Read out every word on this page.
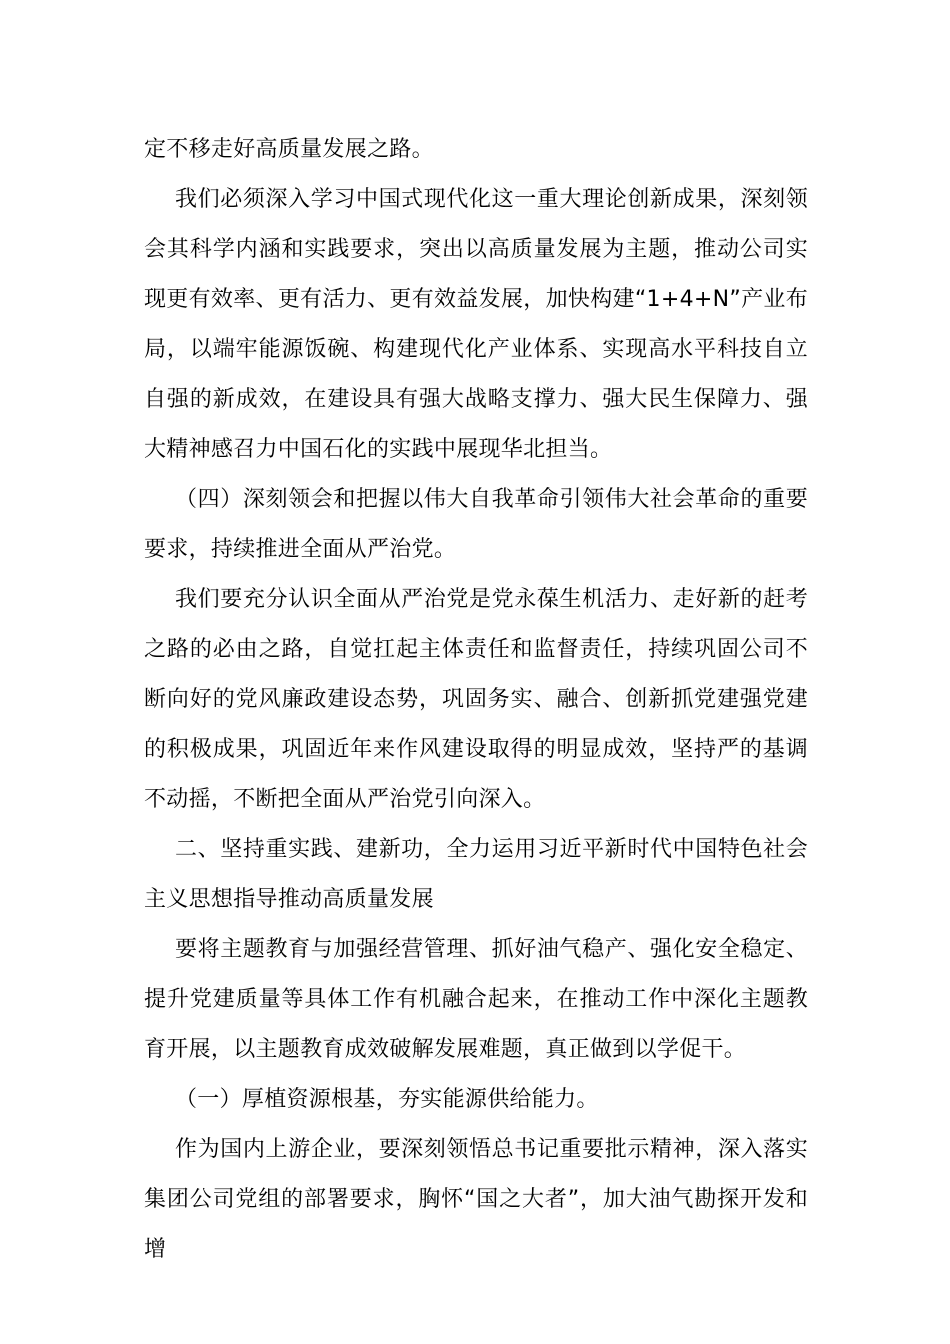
定不移走好高质量发展之路。

我们必须深入学习中国式现代化这一重大理论创新成果，深刻领会其科学内涵和实践要求，突出以高质量发展为主题，推动公司实现更有效率、更有活力、更有效益发展，加快构建“1+4+N”产业布局，以端牢能源饭碗、构建现代化产业体系、实现高水平科技自立自强的新成效，在建设具有强大战略支撑力、强大民生保障力、强大精神感召力中国石化的实践中展现华北担当。

（四）深刻领会和把握以伟大自我革命引领伟大社会革命的重要要求，持续推进全面从严治党。

我们要充分认识全面从严治党是党永葆生机活力、走好新的赶考之路的必由之路，自觉扛起主体责任和监督责任，持续巩固公司不断向好的党风廉政建设态势，巩固务实、融合、创新抓党建强党建的积极成果，巩固近年来作风建设取得的明显成效，坚持严的基调不动摇，不断把全面从严治党引向深入。

二、坚持重实践、建新功，全力运用习近平新时代中国特色社会主义思想指导推动高质量发展

要将主题教育与加强经营管理、抓好油气稳产、强化安全稳定、提升党建质量等具体工作有机融合起来，在推动工作中深化主题教育开展，以主题教育成效破解发展难题，真正做到以学促干。

（一）厚植资源根基，夯实能源供给能力。

作为国内上游企业，要深刻领悟总书记重要批示精神，深入落实集团公司党组的部署要求，胸怀“国之大者”，加大油气勘探开发和增
